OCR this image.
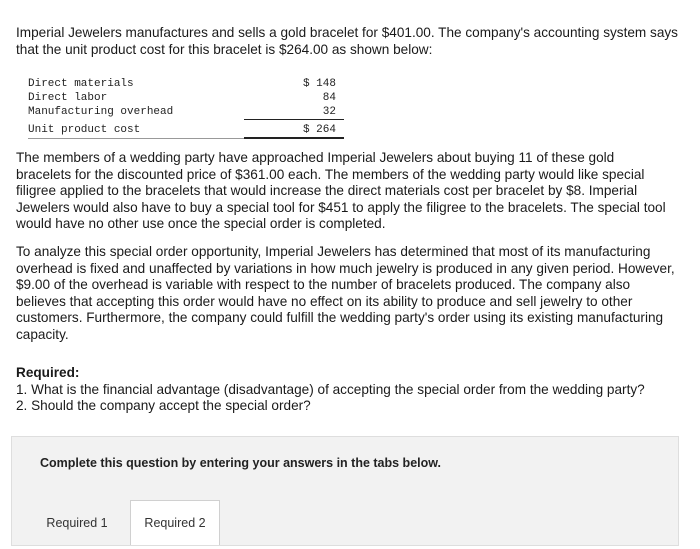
Imperial Jewelers manufactures and sells a gold bracelet for $401.00. The company's accounting system says that the unit product cost for this bracelet is $264.00 as shown below:

Direct materials	$ 148
Direct labor	84
Manufacturing overhead	32
Unit product cost	$ 264

The members of a wedding party have approached Imperial Jewelers about buying 11 of these gold bracelets for the discounted price of $361.00 each. The members of the wedding party would like special filigree applied to the bracelets that would increase the direct materials cost per bracelet by $8. Imperial Jewelers would also have to buy a special tool for $451 to apply the filigree to the bracelets. The special tool would have no other use once the special order is completed.

To analyze this special order opportunity, Imperial Jewelers has determined that most of its manufacturing overhead is fixed and unaffected by variations in how much jewelry is produced in any given period. However, $9.00 of the overhead is variable with respect to the number of bracelets produced. The company also believes that accepting this order would have no effect on its ability to produce and sell jewelry to other customers. Furthermore, the company could fulfill the wedding party's order using its existing manufacturing capacity.

Required:
1. What is the financial advantage (disadvantage) of accepting the special order from the wedding party?
2. Should the company accept the special order?
Complete this question by entering your answers in the tabs below.
Required 1	Required 2
